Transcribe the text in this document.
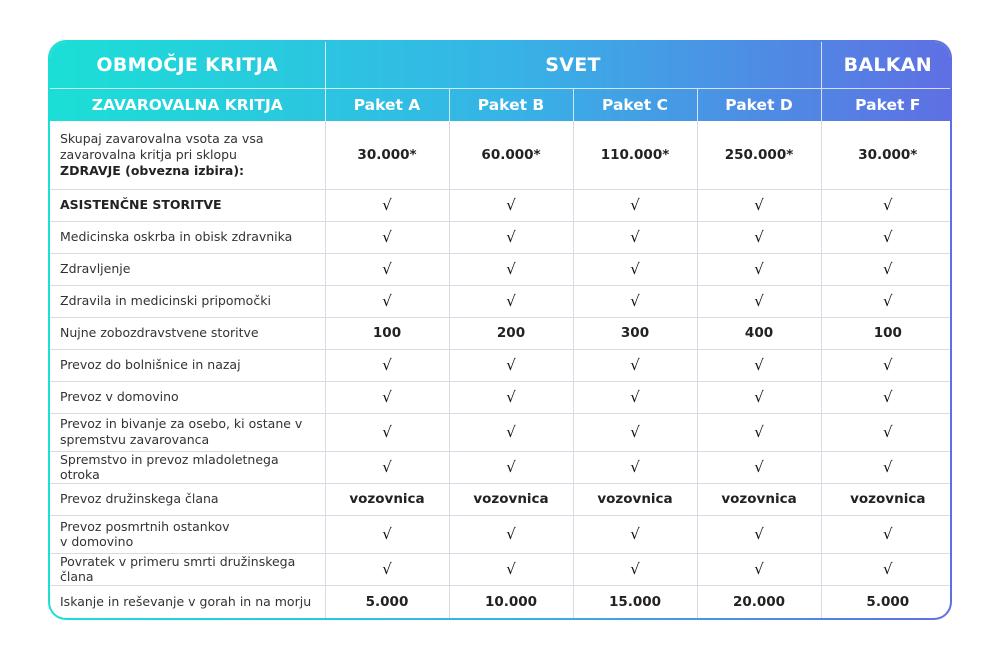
OBMOČJE KRITJA	SVET				BALKAN
ZAVAROVALNA KRITJA	Paket A	Paket B	Paket C	Paket D	Paket F
Skupaj zavarovalna vsota za vsa
zavarovalna kritja pri sklopu
ZDRAVJE (obvezna izbira):	30.000*	60.000*	110.000*	250.000*	30.000*
ASISTENČNE STORITVE	√	√	√	√	√
Medicinska oskrba in obisk zdravnika	√	√	√	√	√
Zdravljenje	√	√	√	√	√
Zdravila in medicinski pripomočki	√	√	√	√	√
Nujne zobozdravstvene storitve	100	200	300	400	100
Prevoz do bolnišnice in nazaj	√	√	√	√	√
Prevoz v domovino	√	√	√	√	√
Prevoz in bivanje za osebo, ki ostane v
spremstvu zavarovanca	√	√	√	√	√
Spremstvo in prevoz mladoletnega otroka	√	√	√	√	√
Prevoz družinskega člana	vozovnica	vozovnica	vozovnica	vozovnica	vozovnica
Prevoz posmrtnih ostankov
v domovino	√	√	√	√	√
Povratek v primeru smrti družinskega člana	√	√	√	√	√
Iskanje in reševanje v gorah in na morju	5.000	10.000	15.000	20.000	5.000
